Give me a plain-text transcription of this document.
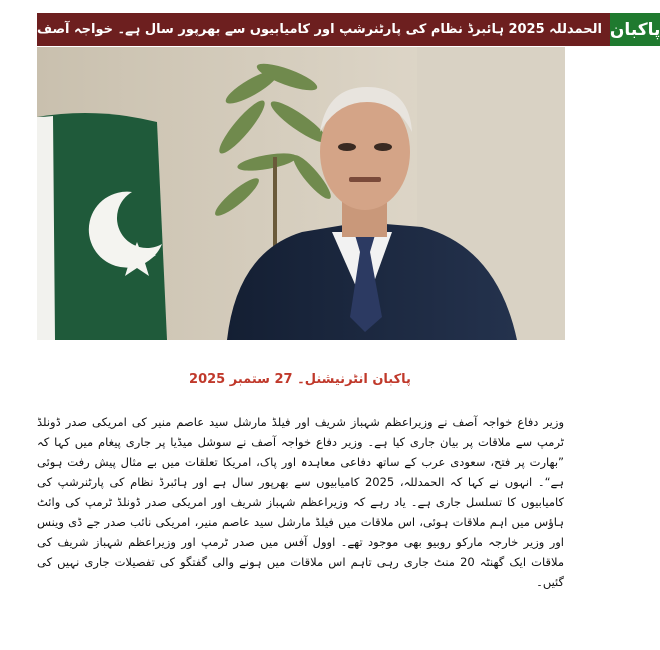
پاکبان
الحمدللہ 2025 ہائبرڈ نظام کی پارٹنرشپ اور کامیابیوں سے بھرپور سال ہے۔ خواجہ آصف
پاکبان انٹرنیشنل۔ 27 ستمبر 2025
وزیر دفاع خواجہ آصف نے وزیراعظم شہباز شریف اور فیلڈ مارشل سید عاصم منیر کی امریکی صدر ڈونلڈ ٹرمپ سے ملاقات پر بیان جاری کیا ہے۔ وزیر دفاع خواجہ آصف نے سوشل میڈیا پر جاری پیغام میں کہا کہ ”بھارت پر فتح، سعودی عرب کے ساتھ دفاعی معاہدہ اور پاک، امریکا تعلقات میں بے مثال پیش رفت ہوئی ہے“۔ انہوں نے کہا کہ الحمدللہ، 2025 کامیابیوں سے بھرپور سال ہے اور ہائبرڈ نظام کی پارٹنرشپ کی کامیابیوں کا تسلسل جاری ہے۔ یاد رہے کہ وزیراعظم شہباز شریف اور امریکی صدر ڈونلڈ ٹرمپ کی وائٹ ہاؤس میں اہم ملاقات ہوئی، اس ملاقات میں فیلڈ مارشل سید عاصم منیر، امریکی نائب صدر جے ڈی وینس اور وزیر خارجہ مارکو روبیو بھی موجود تھے۔ اوول آفس میں صدر ٹرمپ اور وزیراعظم شہباز شریف کی ملاقات ایک گھنٹہ 20 منٹ جاری رہی تاہم اس ملاقات میں ہونے والی گفتگو کی تفصیلات جاری نہیں کی گئیں۔
